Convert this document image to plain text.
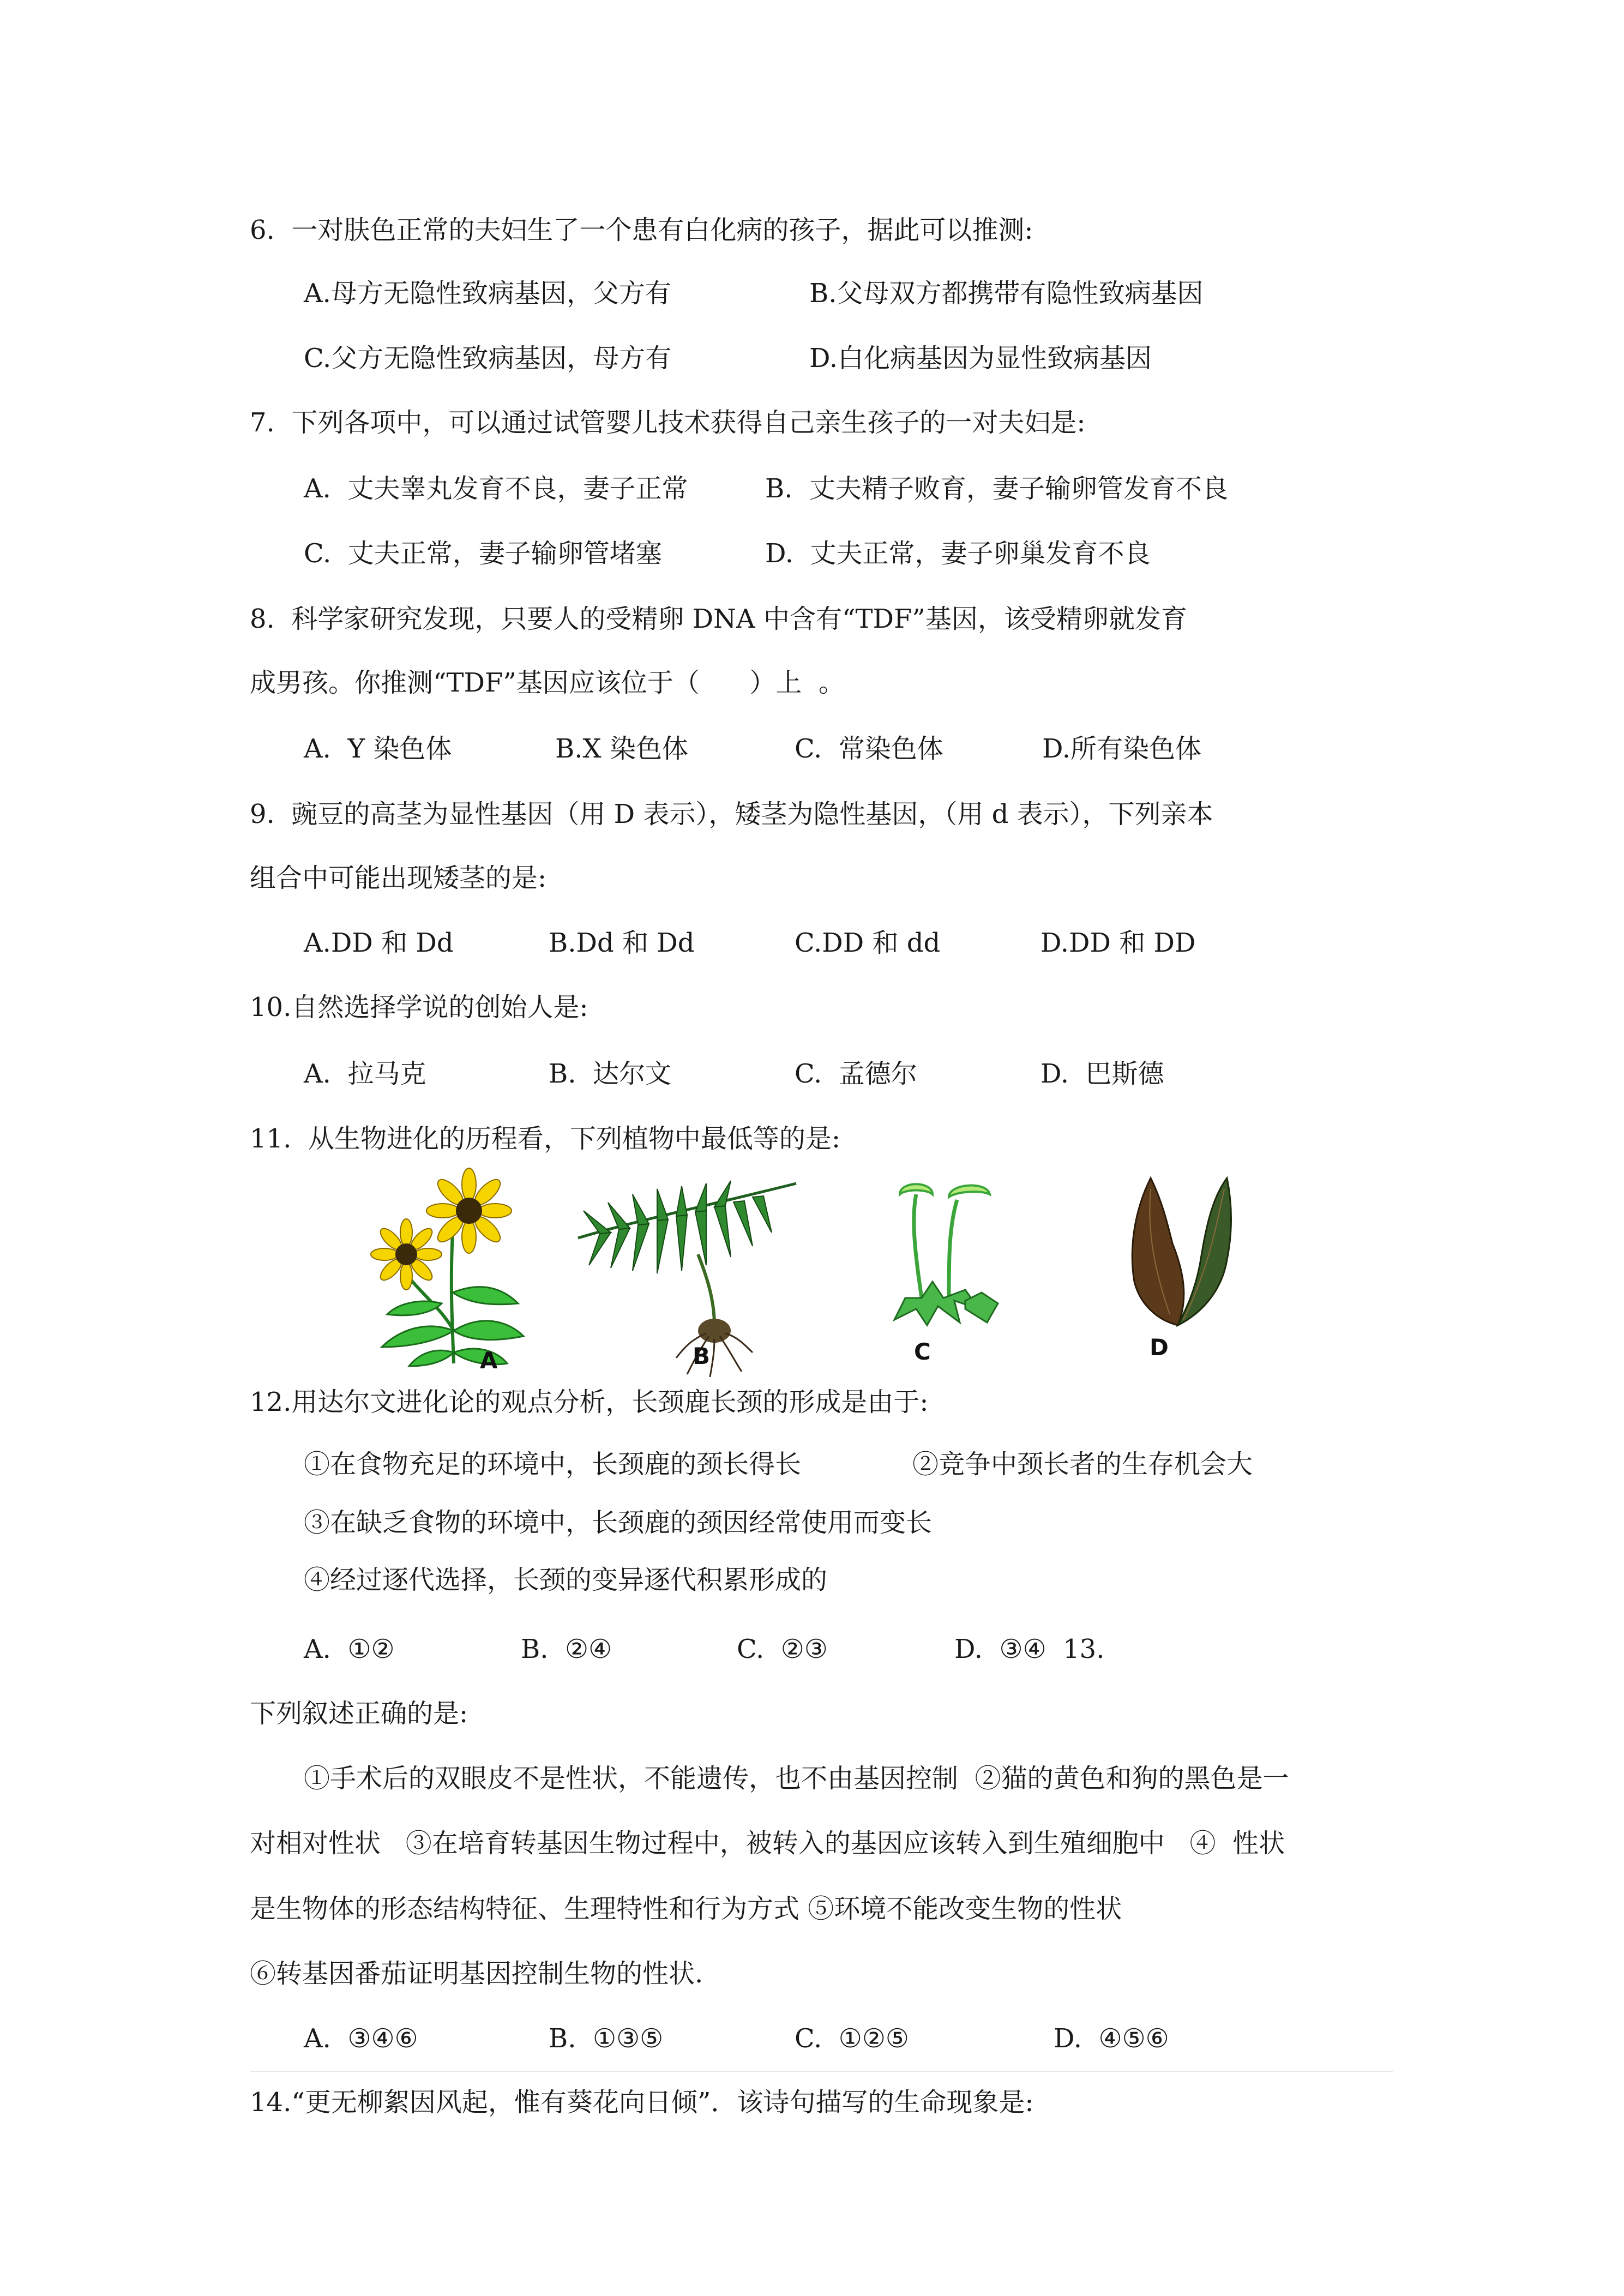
6.  一对肤色正常的夫妇生了一个患有白化病的孩子，据此可以推测:
A.母方无隐性致病基因，父方有	B.父母双方都携带有隐性致病基因
C.父方无隐性致病基因，母方有	D.白化病基因为显性致病基因
7.  下列各项中，可以通过试管婴儿技术获得自己亲生孩子的一对夫妇是:
A.  丈夫睾丸发育不良，妻子正常	B.  丈夫精子败育，妻子输卵管发育不良
C.  丈夫正常，妻子输卵管堵塞	D.  丈夫正常，妻子卵巢发育不良
8.  科学家研究发现，只要人的受精卵 DNA 中含有“TDF”基因，该受精卵就发育
成男孩。你推测“TDF”基因应该位于（      ）上  。
A.  Y 染色体	B.X 染色体	C.  常染色体	D.所有染色体
9.  豌豆的高茎为显性基因（用 D 表示），矮茎为隐性基因，（用 d 表示），下列亲本
组合中可能出现矮茎的是:
A.DD 和 Dd	B.Dd 和 Dd	C.DD 和 dd	D.DD 和 DD
10.自然选择学说的创始人是:
A.  拉马克	B.  达尔文	C.  孟德尔	D.  巴斯德
11.  从生物进化的历程看，下列植物中最低等的是:
A	B	C	D
12.用达尔文进化论的观点分析，长颈鹿长颈的形成是由于:
①在食物充足的环境中，长颈鹿的颈长得长	②竞争中颈长者的生存机会大
③在缺乏食物的环境中，长颈鹿的颈因经常使用而变长
④经过逐代选择，长颈的变异逐代积累形成的
A.  ①②	B.  ②④	C.  ②③	D.  ③④  13.
下列叙述正确的是:
①手术后的双眼皮不是性状，不能遗传，也不由基因控制  ②猫的黄色和狗的黑色是一
对相对性状   ③在培育转基因生物过程中，被转入的基因应该转入到生殖细胞中   ④  性状
是生物体的形态结构特征、生理特性和行为方式 ⑤环境不能改变生物的性状
⑥转基因番茄证明基因控制生物的性状.
A.  ③④⑥	B.  ①③⑤	C.  ①②⑤	D.  ④⑤⑥
14.“更无柳絮因风起，惟有葵花向日倾”．该诗句描写的生命现象是:
